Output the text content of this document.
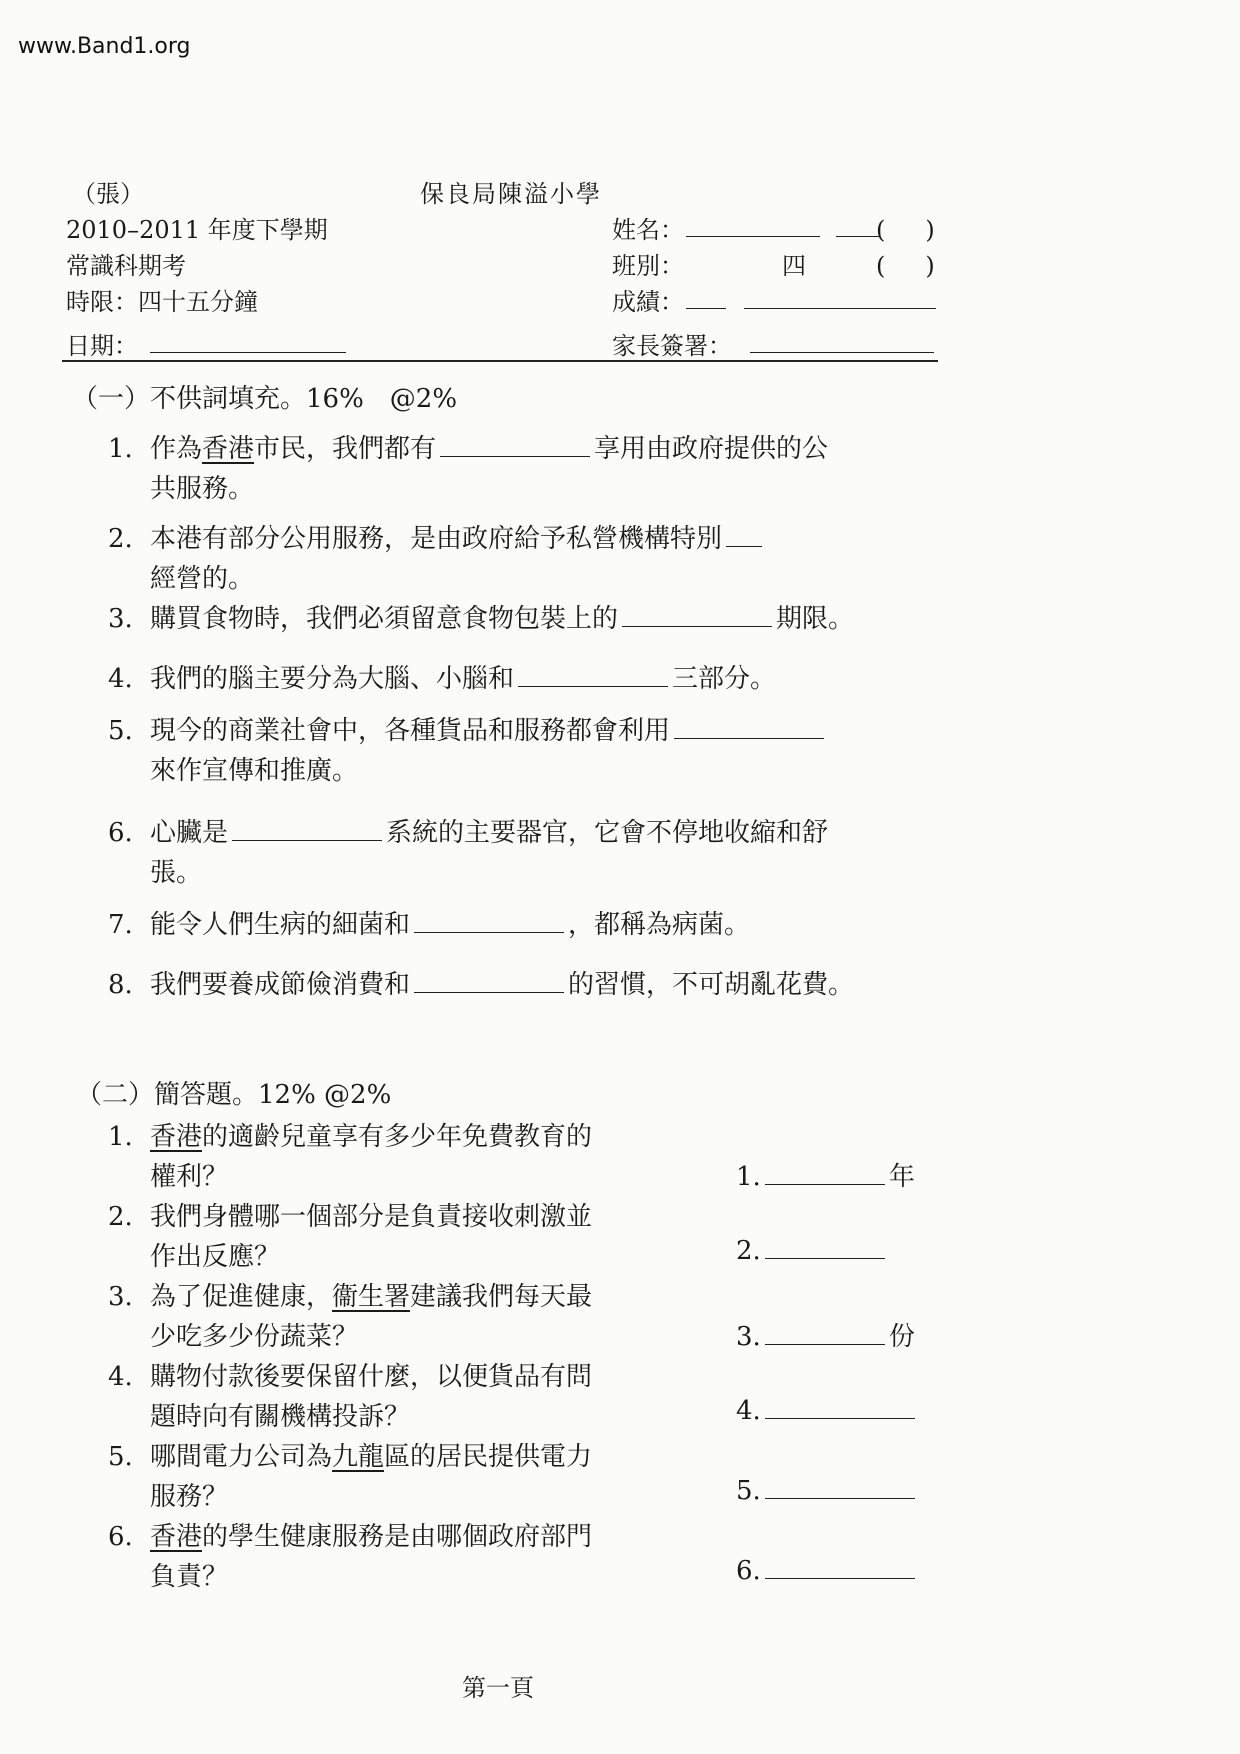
www.Band1.org
（張）	保良局陳溢小學
2010–2011 年度下學期
常識科期考
時限：四十五分鐘
日期：
姓名：	(　)
班別：	四	(　)
成績：
家長簽署：
（一）不供詞填充。16%　@2%
1. 作為香港市民，我們都有	享用由政府提供的公
共服務。
2. 本港有部分公用服務，是由政府給予私營機構特別
經營的。
3. 購買食物時，我們必須留意食物包裝上的	期限。
4. 我們的腦主要分為大腦、小腦和	三部分。
5. 現今的商業社會中，各種貨品和服務都會利用
來作宣傳和推廣。
6. 心臟是	系統的主要器官，它會不停地收縮和舒
張。
7. 能令人們生病的細菌和	，都稱為病菌。
8. 我們要養成節儉消費和	的習慣，不可胡亂花費。
（二）簡答題。12% @2%
1. 香港的適齡兒童享有多少年免費教育的
權利？	1.	年
2. 我們身體哪一個部分是負責接收刺激並
作出反應？	2.
3. 為了促進健康，衞生署建議我們每天最
少吃多少份蔬菜？	3.	份
4. 購物付款後要保留什麼，以便貨品有問
題時向有關機構投訴？	4.
5. 哪間電力公司為九龍區的居民提供電力
服務？	5.
6. 香港的學生健康服務是由哪個政府部門
負責？	6.
第一頁
